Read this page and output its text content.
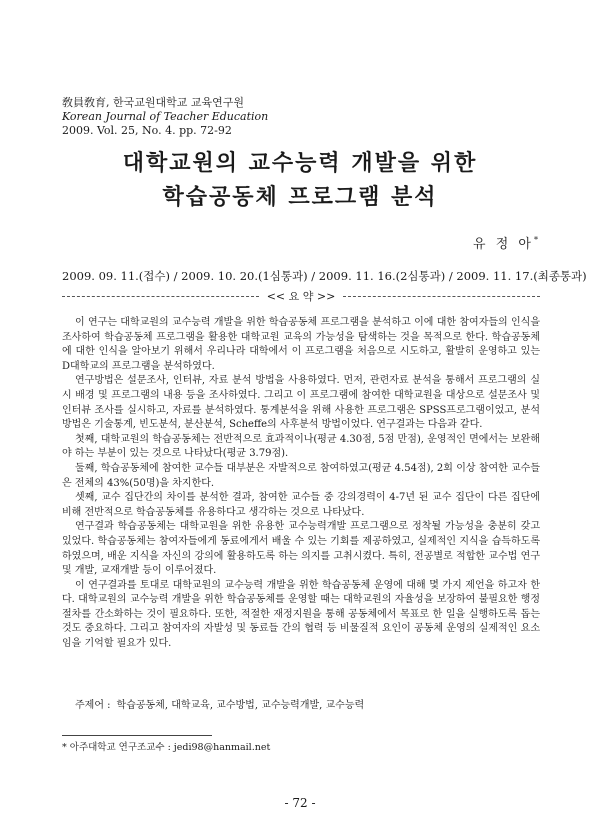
敎員敎育, 한국교원대학교 교육연구원
Korean Journal of Teacher Education
2009. Vol. 25, No. 4. pp. 72-92
대학교원의 교수능력 개발을 위한
학습공동체 프로그램 분석
유 정 아*
2009. 09. 11.(접수) / 2009. 10. 20.(1심통과) / 2009. 11. 16.(2심통과) / 2009. 11. 17.(최종통과)
<< 요 약 >>

이 연구는 대학교원의 교수능력 개발을 위한 학습공동체 프로그램을 분석하고 이에 대한 참여자들의 인식을 조사하여 학습공동체 프로그램을 활용한 대학교원 교육의 가능성을 탐색하는 것을 목적으로 한다. 학습공동체에 대한 인식을 알아보기 위해서 우리나라 대학에서 이 프로그램을 처음으로 시도하고, 활발히 운영하고 있는 D대학교의 프로그램을 분석하였다.

연구방법은 설문조사, 인터뷰, 자료 분석 방법을 사용하였다. 먼저, 관련자료 분석을 통해서 프로그램의 실시 배경 및 프로그램의 내용 등을 조사하였다. 그리고 이 프로그램에 참여한 대학교원을 대상으로 설문조사 및 인터뷰 조사를 실시하고, 자료를 분석하였다. 통계분석을 위해 사용한 프로그램은 SPSS프로그램이었고, 분석방법은 기술통계, 빈도분석, 분산분석, Scheffe의 사후분석 방법이었다. 연구결과는 다음과 같다.

첫째, 대학교원의 학습공동체는 전반적으로 효과적이나(평균 4.30점, 5점 만점), 운영적인 면에서는 보완해야 하는 부분이 있는 것으로 나타났다(평균 3.79점).

둘째, 학습공동체에 참여한 교수들 대부분은 자발적으로 참여하였고(평균 4.54점), 2회 이상 참여한 교수들은 전체의 43%(50명)을 차지한다.

셋째, 교수 집단간의 차이를 분석한 결과, 참여한 교수들 중 강의경력이 4-7년 된 교수 집단이 다른 집단에 비해 전반적으로 학습공동체를 유용하다고 생각하는 것으로 나타났다.

연구결과 학습공동체는 대학교원을 위한 유용한 교수능력개발 프로그램으로 정착될 가능성을 충분히 갖고 있었다. 학습공동체는 참여자들에게 동료에게서 배울 수 있는 기회를 제공하였고, 실제적인 지식을 습득하도록 하였으며, 배운 지식을 자신의 강의에 활용하도록 하는 의지를 고취시켰다. 특히, 전공별로 적합한 교수법 연구 및 개발, 교재개발 등이 이루어졌다.

이 연구결과를 토대로 대학교원의 교수능력 개발을 위한 학습공동체 운영에 대해 몇 가지 제언을 하고자 한다. 대학교원의 교수능력 개발을 위한 학습공동체를 운영할 때는 대학교원의 자율성을 보장하여 불필요한 행정절차를 간소화하는 것이 필요하다. 또한, 적절한 재정지원을 통해 공동체에서 목표로 한 일을 실행하도록 돕는 것도 중요하다. 그리고 참여자의 자발성 및 동료들 간의 협력 등 비물질적 요인이 공동체 운영의 실제적인 요소임을 기억할 필요가 있다.

주제어 : 학습공동체, 대학교육, 교수방법, 교수능력개발, 교수능력
* 아주대학교 연구조교수 : jedi98@hanmail.net
- 72 -
